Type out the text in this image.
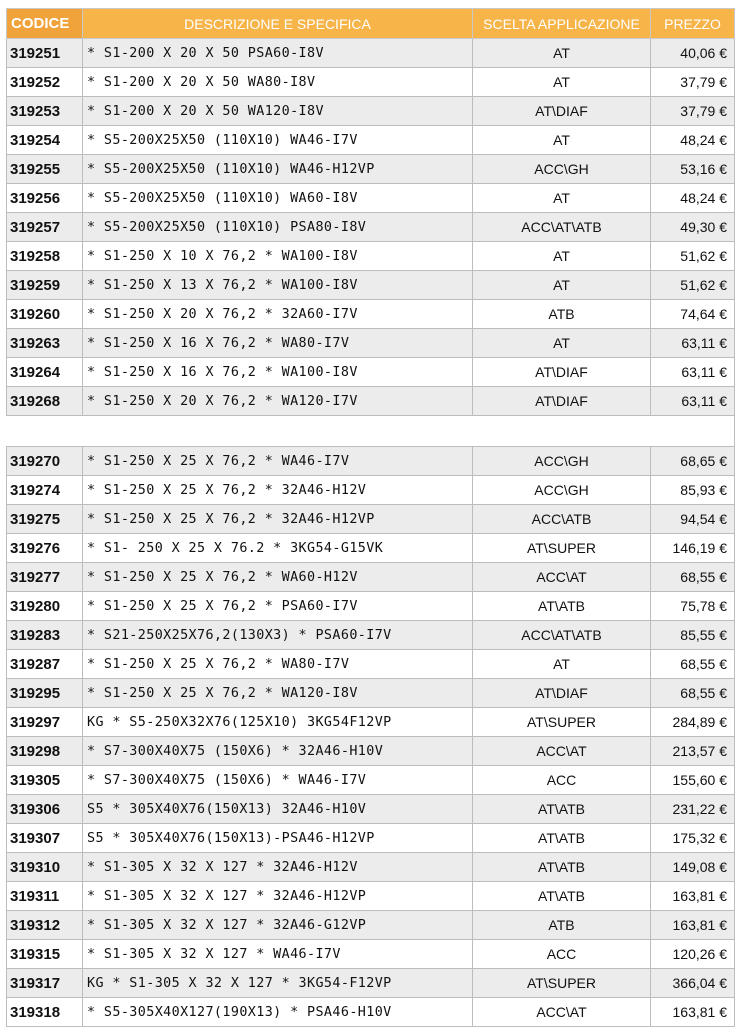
CODICE	DESCRIZIONE E SPECIFICA	SCELTA APPLICAZIONE	PREZZO
319251	* S1-200 X 20 X 50 PSA60-I8V	AT	40,06 €
319252	* S1-200 X 20 X 50 WA80-I8V	AT	37,79 €
319253	* S1-200 X 20 X 50 WA120-I8V	AT\DIAF	37,79 €
319254	* S5-200X25X50 (110X10) WA46-I7V	AT	48,24 €
319255	* S5-200X25X50 (110X10) WA46-H12VP	ACC\GH	53,16 €
319256	* S5-200X25X50 (110X10) WA60-I8V	AT	48,24 €
319257	* S5-200X25X50 (110X10) PSA80-I8V	ACC\AT\ATB	49,30 €
319258	* S1-250 X 10 X 76,2 * WA100-I8V	AT	51,62 €
319259	* S1-250 X 13 X 76,2 * WA100-I8V	AT	51,62 €
319260	* S1-250 X 20 X 76,2 * 32A60-I7V	ATB	74,64 €
319263	* S1-250 X 16 X 76,2 * WA80-I7V	AT	63,11 €
319264	* S1-250 X 16 X 76,2 * WA100-I8V	AT\DIAF	63,11 €
319268	* S1-250 X 20 X 76,2 * WA120-I7V	AT\DIAF	63,11 €

319270	* S1-250 X 25 X 76,2 * WA46-I7V	ACC\GH	68,65 €
319274	* S1-250 X 25 X 76,2 * 32A46-H12V	ACC\GH	85,93 €
319275	* S1-250 X 25 X 76,2 * 32A46-H12VP	ACC\ATB	94,54 €
319276	* S1- 250 X 25 X 76.2 * 3KG54-G15VK	AT\SUPER	146,19 €
319277	* S1-250 X 25 X 76,2 * WA60-H12V	ACC\AT	68,55 €
319280	* S1-250 X 25 X 76,2 * PSA60-I7V	AT\ATB	75,78 €
319283	* S21-250X25X76,2(130X3) * PSA60-I7V	ACC\AT\ATB	85,55 €
319287	* S1-250 X 25 X 76,2 * WA80-I7V	AT	68,55 €
319295	* S1-250 X 25 X 76,2 * WA120-I8V	AT\DIAF	68,55 €
319297	KG * S5-250X32X76(125X10) 3KG54F12VP	AT\SUPER	284,89 €
319298	* S7-300X40X75 (150X6) * 32A46-H10V	ACC\AT	213,57 €
319305	* S7-300X40X75 (150X6) * WA46-I7V	ACC	155,60 €
319306	S5 * 305X40X76(150X13) 32A46-H10V	AT\ATB	231,22 €
319307	S5 * 305X40X76(150X13)-PSA46-H12VP	AT\ATB	175,32 €
319310	* S1-305 X 32 X 127 * 32A46-H12V	AT\ATB	149,08 €
319311	* S1-305 X 32 X 127 * 32A46-H12VP	AT\ATB	163,81 €
319312	* S1-305 X 32 X 127 * 32A46-G12VP	ATB	163,81 €
319315	* S1-305 X 32 X 127 * WA46-I7V	ACC	120,26 €
319317	KG * S1-305 X 32 X 127 * 3KG54-F12VP	AT\SUPER	366,04 €
319318	* S5-305X40X127(190X13) * PSA46-H10V	ACC\AT	163,81 €
